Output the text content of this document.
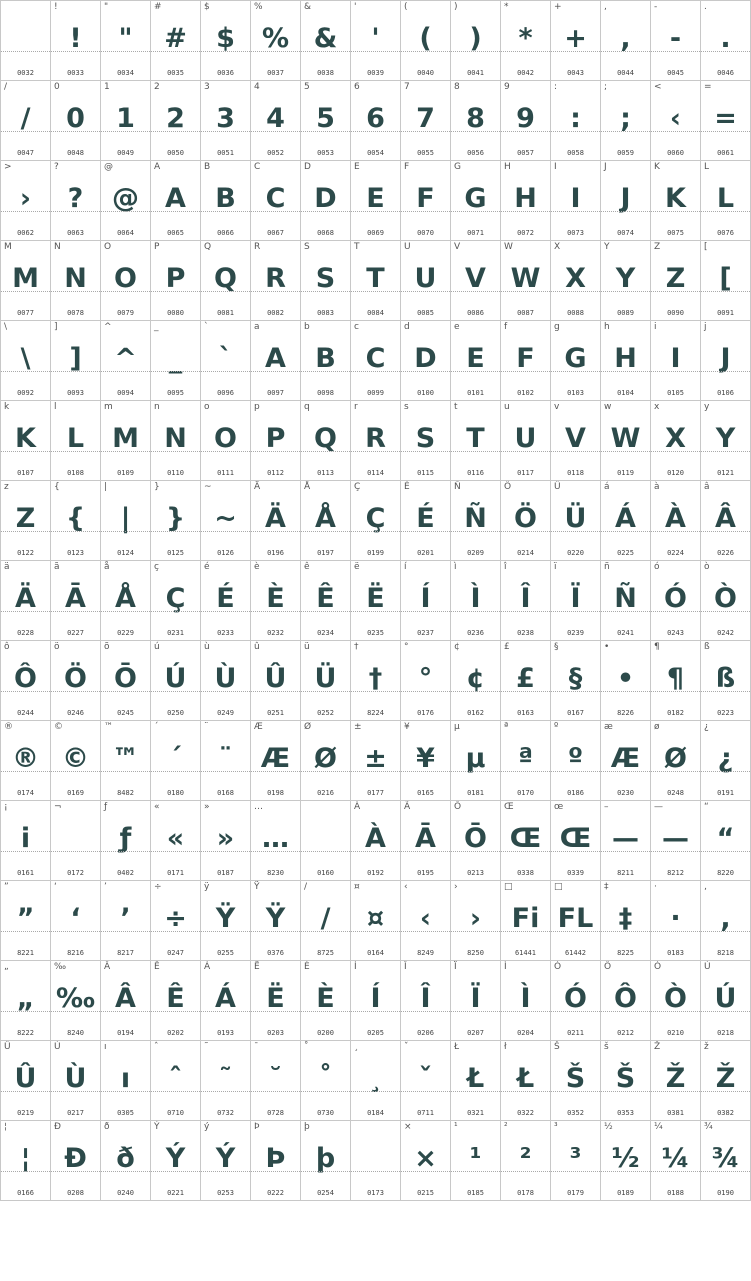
0032
!
!
0033
"
"
0034
#
#
0035
$
$
0036
%
%
0037
&
&
0038
'
'
0039
(
(
0040
)
)
0041
*
*
0042
+
+
0043
,
,
0044
-
-
0045
.
.
0046
/
/
0047
0
0
0048
1
1
0049
2
2
0050
3
3
0051
4
4
0052
5
5
0053
6
6
0054
7
7
0055
8
8
0056
9
9
0057
:
:
0058
;
;
0059
<
‹
0060
=
=
0061
>
›
0062
?
?
0063
@
@
0064
A
A
0065
B
B
0066
C
C
0067
D
D
0068
E
E
0069
F
F
0070
G
G
0071
H
H
0072
I
I
0073
J
J
0074
K
K
0075
L
L
0076
M
M
0077
N
N
0078
O
O
0079
P
P
0080
Q
Q
0081
R
R
0082
S
S
0083
T
T
0084
U
U
0085
V
V
0086
W
W
0087
X
X
0088
Y
Y
0089
Z
Z
0090
[
[
0091
\
\
0092
]
]
0093
^
^
0094
_
_
0095
`
`
0096
a
A
0097
b
B
0098
c
C
0099
d
D
0100
e
E
0101
f
F
0102
g
G
0103
h
H
0104
i
I
0105
j
J
0106
k
K
0107
l
L
0108
m
M
0109
n
N
0110
o
O
0111
p
P
0112
q
Q
0113
r
R
0114
s
S
0115
t
T
0116
u
U
0117
v
V
0118
w
W
0119
x
X
0120
y
Y
0121
z
Z
0122
{
{
0123
|
|
0124
}
}
0125
~
~
0126
Ä
Ä
0196
Å
Å
0197
Ç
Ç
0199
É
É
0201
Ñ
Ñ
0209
Ö
Ö
0214
Ü
Ü
0220
á
Á
0225
à
À
0224
â
Â
0226
ä
Ä
0228
ã
Ā
0227
å
Å
0229
ç
Ç
0231
é
É
0233
è
È
0232
ê
Ê
0234
ë
Ë
0235
í
Í
0237
ì
Ì
0236
î
Î
0238
ï
Ï
0239
ñ
Ñ
0241
ó
Ó
0243
ò
Ò
0242
ô
Ô
0244
ö
Ö
0246
õ
Ō
0245
ú
Ú
0250
ù
Ù
0249
û
Û
0251
ü
Ü
0252
†
†
8224
°
°
0176
¢
¢
0162
£
£
0163
§
§
0167
•
•
8226
¶
¶
0182
ß
ß
0223
®
®
0174
©
©
0169
™
™
8482
´
´
0180
¨
¨
0168
Æ
Æ
0198
Ø
Ø
0216
±
±
0177
¥
¥
0165
µ
μ
0181
ª
ª
0170
º
º
0186
æ
Æ
0230
ø
Ø
0248
¿
¿
0191
¡
i
0161
¬
0172
ƒ
ƒ
0402
«
«
0171
»
»
0187
…
…
8230	0160
À
À
0192
Ã
Ā
0195
Õ
Ō
0213
Œ
Œ
0338
œ
Œ
0339
–
—
8211
—
—
8212
“
“
8220
”
”
8221
‘
‘
8216
’
’
8217
÷
÷
0247
ÿ
Ÿ
0255
Ÿ
Ÿ
0376
/
/
8725
¤
¤
0164
‹
‹
8249
›
›
8250
□
Fi
61441
□
FL
61442
‡
‡
8225
·
·
0183
‚
,
8218
„
„
8222
‰
‰
8240
Â
Â
0194
Ê
Ê
0202
Á
Á
0193
Ë
Ë
0203
È
È
0200
Í
Í
0205
Î
Î
0206
Ï
Ï
0207
Ì
Ì
0204
Ó
Ó
0211
Ô
Ô
0212
Ò
Ò
0210
Ú
Ú
0218
Û
Û
0219
Ù
Ù
0217
ı
ı
0305
ˆ
ˆ
0710
˜
˜
0732
¯
˘
0728
˚
˚
0730
¸
¸
0184
ˇ
ˇ
0711
Ł
Ł
0321
ł
Ł
0322
Š
Š
0352
š
Š
0353
Ž
Ž
0381
ž
Ž
0382
¦
¦
0166
Ð
Đ
0208
ð
ð
0240
Ý
Ý
0221
ý
Ý
0253
Þ
Þ
0222
þ
þ
0254	0173
×
×
0215
¹
¹
0185
²
²
0178
³
³
0179
½
½
0189
¼
¼
0188
¾
¾
0190
